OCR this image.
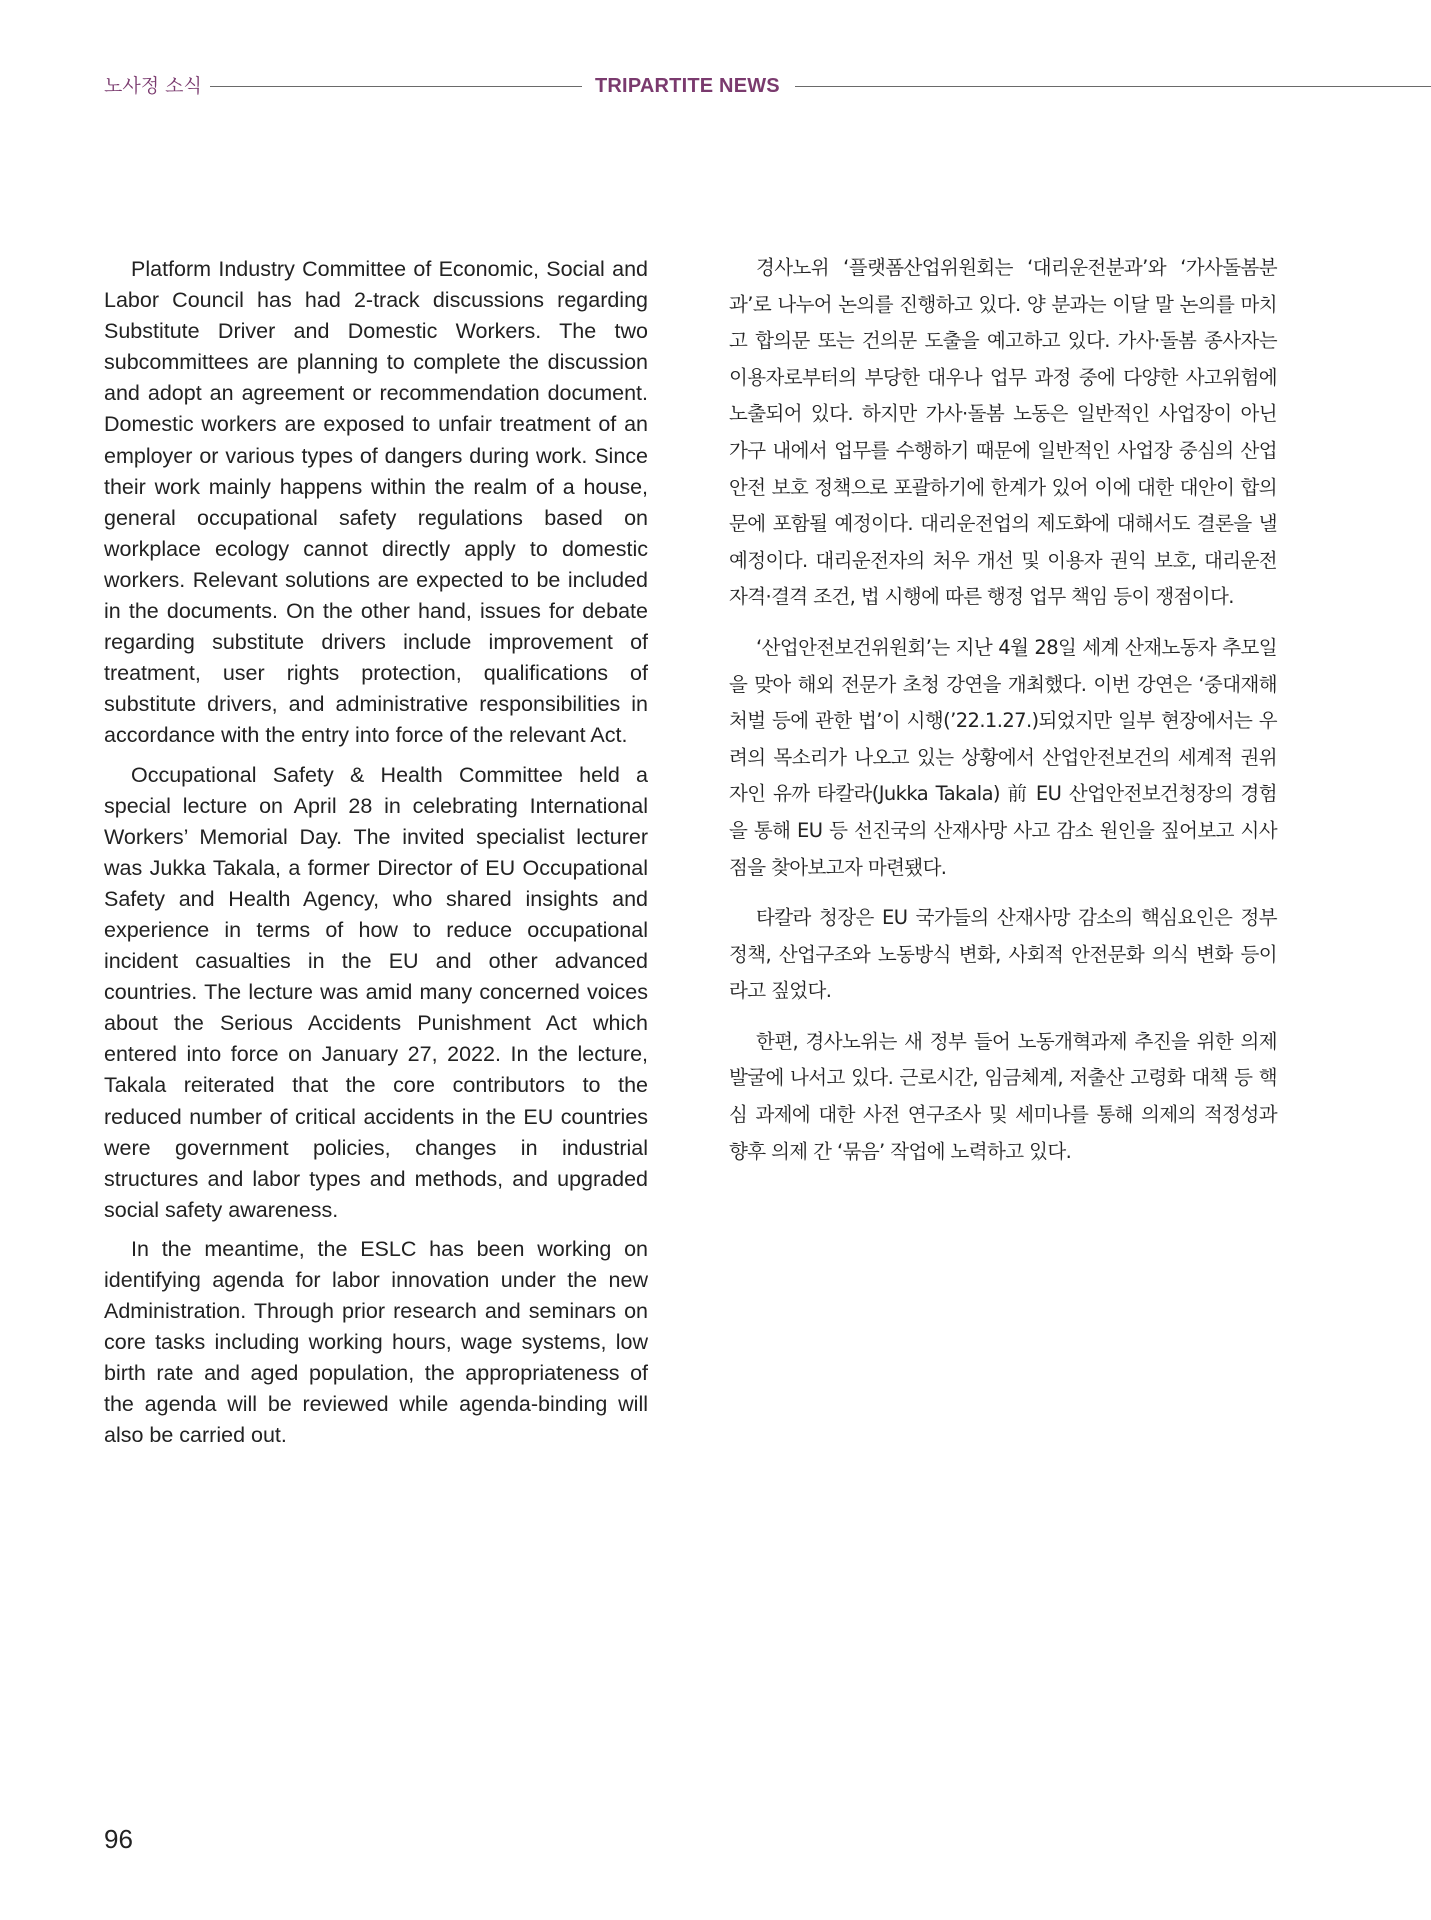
노사정 소식	TRIPARTITE NEWS

Platform Industry Committee of Economic, Social and Labor Council has had 2-track discussions regarding Substitute Driver and Domestic Workers. The two subcommittees are planning to complete the discussion and adopt an agreement or recommendation document. Domestic workers are exposed to unfair treatment of an employer or various types of dangers during work. Since their work mainly happens within the realm of a house, general occupational safety regulations based on workplace ecology cannot directly apply to domestic workers. Relevant solutions are expected to be included in the documents. On the other hand, issues for debate regarding substitute drivers include improvement of treatment, user rights protection, qualifications of substitute drivers, and administrative responsibilities in accordance with the entry into force of the relevant Act.

Occupational Safety & Health Committee held a special lecture on April 28 in celebrating International Workers’ Memorial Day. The invited specialist lecturer was Jukka Takala, a former Director of EU Occupational Safety and Health Agency, who shared insights and experience in terms of how to reduce occupational incident casualties in the EU and other advanced countries. The lecture was amid many concerned voices about the Serious Accidents Punishment Act which entered into force on January 27, 2022. In the lecture, Takala reiterated that the core contributors to the reduced number of critical accidents in the EU countries were government policies, changes in industrial structures and labor types and methods, and upgraded social safety awareness.

In the meantime, the ESLC has been working on identifying agenda for labor innovation under the new Administration. Through prior research and seminars on core tasks including working hours, wage systems, low birth rate and aged population, the appropriateness of the agenda will be reviewed while agenda-binding will also be carried out.

경사노위 ‘플랫폼산업위원회는 ‘대리운전분과’와 ‘가사돌봄분과’로 나누어 논의를 진행하고 있다. 양 분과는 이달 말 논의를 마치고 합의문 또는 건의문 도출을 예고하고 있다. 가사·돌봄 종사자는 이용자로부터의 부당한 대우나 업무 과정 중에 다양한 사고위험에 노출되어 있다. 하지만 가사·돌봄 노동은 일반적인 사업장이 아닌 가구 내에서 업무를 수행하기 때문에 일반적인 사업장 중심의 산업안전 보호 정책으로 포괄하기에 한계가 있어 이에 대한 대안이 합의문에 포함될 예정이다. 대리운전업의 제도화에 대해서도 결론을 낼 예정이다. 대리운전자의 처우 개선 및 이용자 권익 보호, 대리운전 자격·결격 조건, 법 시행에 따른 행정 업무 책임 등이 쟁점이다.

‘산업안전보건위원회’는 지난 4월 28일 세계 산재노동자 추모일을 맞아 해외 전문가 초청 강연을 개최했다. 이번 강연은 ‘중대재해 처벌 등에 관한 법’이 시행(’22.1.27.)되었지만 일부 현장에서는 우려의 목소리가 나오고 있는 상황에서 산업안전보건의 세계적 권위자인 유까 타칼라(Jukka Takala) 前 EU 산업안전보건청장의 경험을 통해 EU 등 선진국의 산재사망 사고 감소 원인을 짚어보고 시사점을 찾아보고자 마련됐다.

타칼라 청장은 EU 국가들의 산재사망 감소의 핵심요인은 정부 정책, 산업구조와 노동방식 변화, 사회적 안전문화 의식 변화 등이라고 짚었다.

한편, 경사노위는 새 정부 들어 노동개혁과제 추진을 위한 의제 발굴에 나서고 있다. 근로시간, 임금체계, 저출산 고령화 대책 등 핵심 과제에 대한 사전 연구조사 및 세미나를 통해 의제의 적정성과 향후 의제 간 ‘묶음’ 작업에 노력하고 있다.

96
